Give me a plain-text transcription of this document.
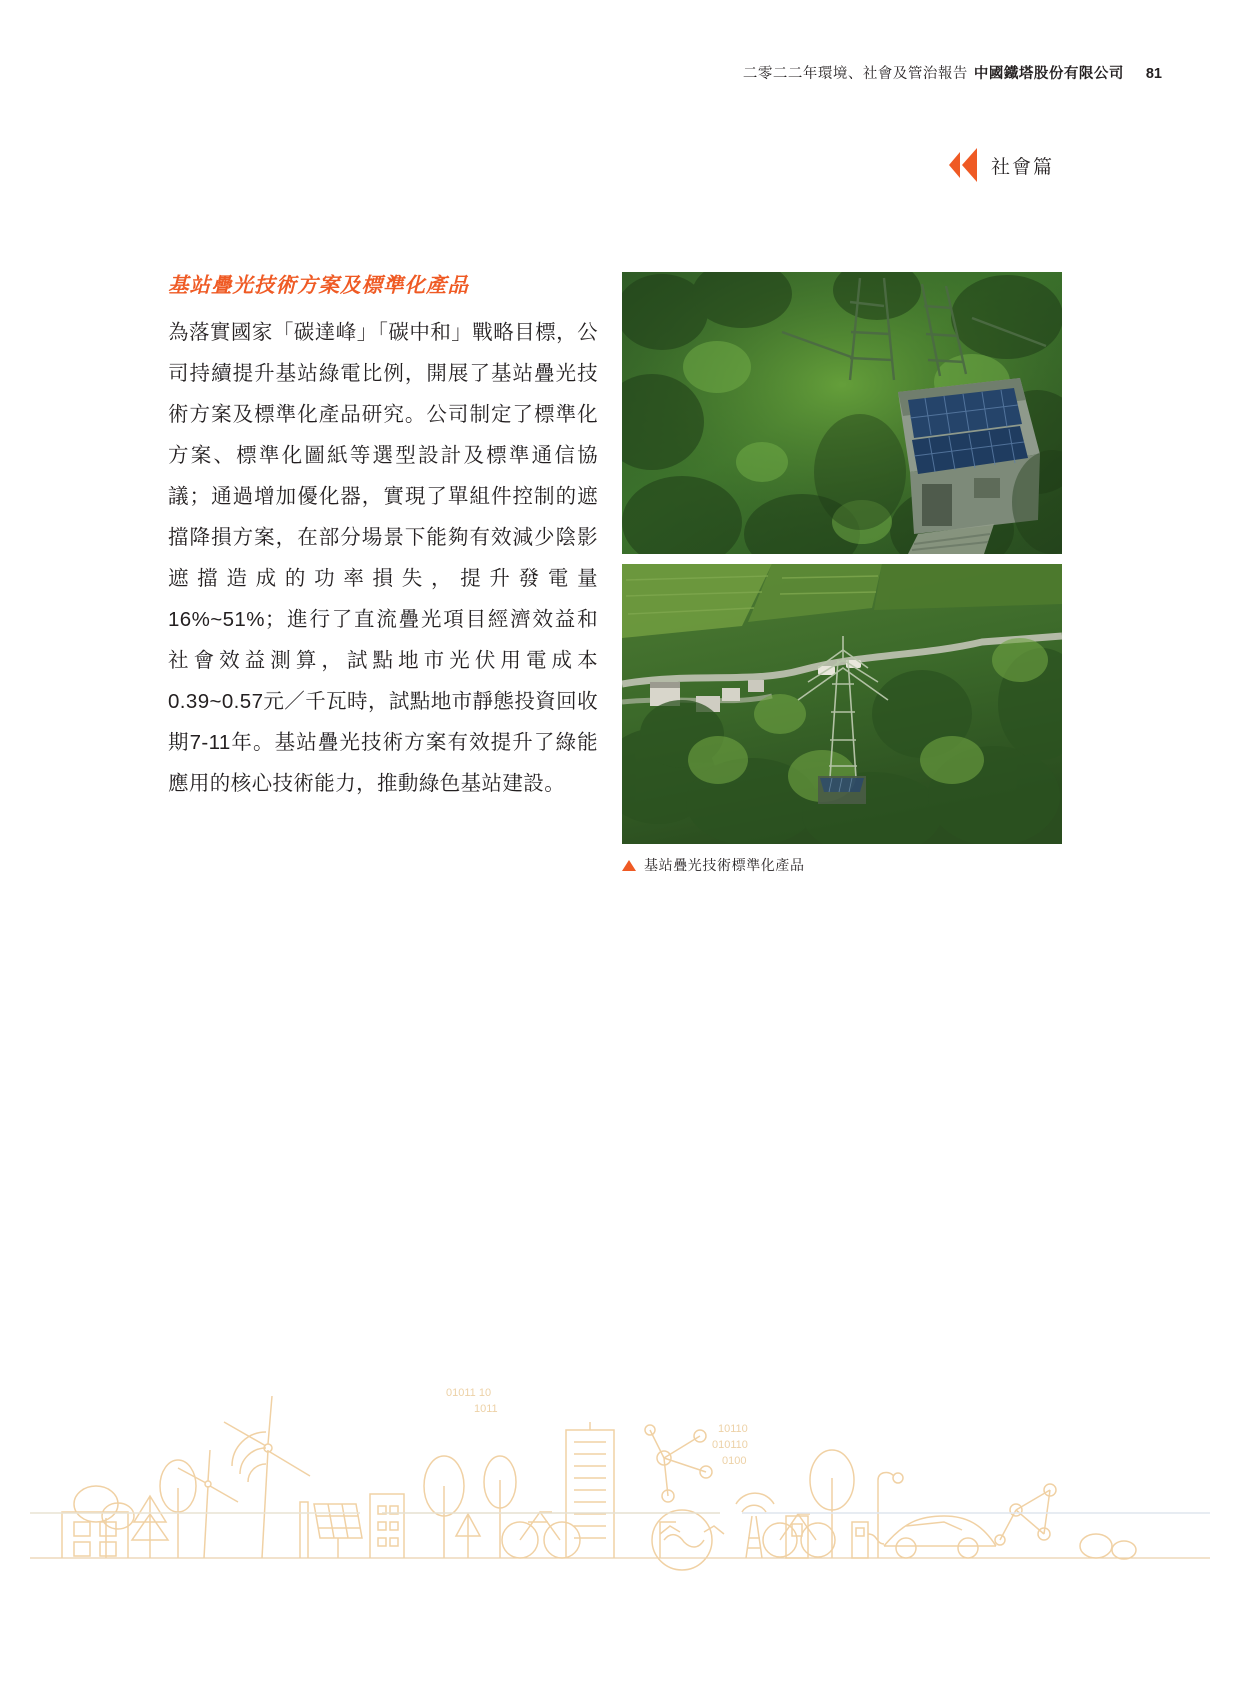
二零二二年環境、社會及管治報告 中國鐵塔股份有限公司 81
社會篇
基站疊光技術方案及標準化產品
為落實國家「碳達峰」「碳中和」戰略目標，公司持續提升基站綠電比例，開展了基站疊光技術方案及標準化產品研究。公司制定了標準化方案、標準化圖紙等選型設計及標準通信協議；通過增加優化器，實現了單組件控制的遮擋降損方案，在部分場景下能夠有效減少陰影遮擋造成的功率損失，提升發電量16%~51%；進行了直流疊光項目經濟效益和社會效益測算，試點地市光伏用電成本0.39~0.57元／千瓦時，試點地市靜態投資回收期7-11年。基站疊光技術方案有效提升了綠能應用的核心技術能力，推動綠色基站建設。
基站疊光技術標準化產品
01011 10
1011
10110
010110
0100
